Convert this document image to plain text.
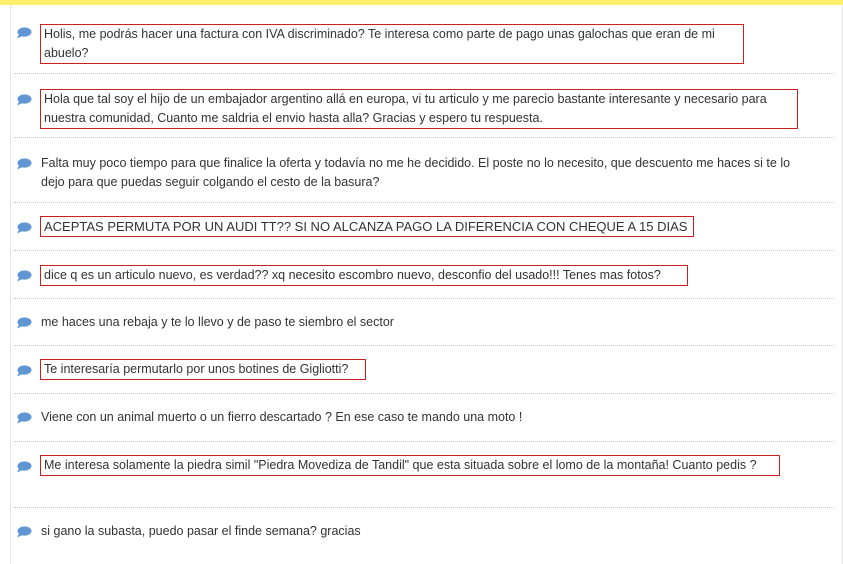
Holis, me podrás hacer una factura con IVA discriminado? Te interesa como parte de pago unas galochas que eran de mi abuelo?
Hola que tal soy el hijo de un embajador argentino allá en europa, vi tu articulo y me parecio bastante interesante y necesario para nuestra comunidad, Cuanto me saldria el envio hasta alla? Gracias y espero tu respuesta.
Falta muy poco tiempo para que finalice la oferta y todavía no me he decidido. El poste no lo necesito, que descuento me haces si te lo dejo para que puedas seguir colgando el cesto de la basura?
ACEPTAS PERMUTA POR UN AUDI TT?? SI NO ALCANZA PAGO LA DIFERENCIA CON CHEQUE A 15 DIAS
dice q es un articulo nuevo, es verdad?? xq necesito escombro nuevo, desconfio del usado!!! Tenes mas fotos?
me haces una rebaja y te lo llevo y de paso te siembro el sector
Te interesaría permutarlo por unos botines de Gigliotti?
Viene con un animal muerto o un fierro descartado ? En ese caso te mando una moto !
Me interesa solamente la piedra simil "Piedra Movediza de Tandil" que esta situada sobre el lomo de la montaña! Cuanto pedis ?
si gano la subasta, puedo pasar el finde semana? gracias
